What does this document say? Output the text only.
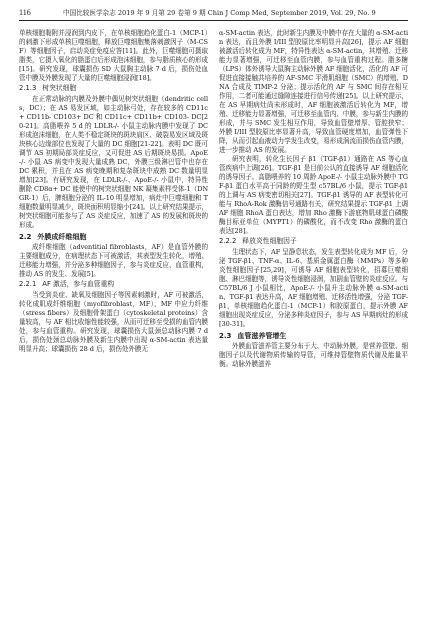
116	中国比较医学杂志 2019 年 9 月第 29 卷第 9 期 Chin J Comp Med, September 2019, Vol. 29, No. 9

单核细胞黏附并浸润到内皮下，在单核细胞趋化蛋白-1（MCP-1）的刺激下形成单核巨噬细胞，释放巨噬细胞集落刺激因子（M-CSF）等细胞因子，启动炎症免疫应答[11]。此外，巨噬细胞可摄取脂类，它摄入氧化的脂蛋白后形成泡沫细胞，参与脂质核心的形成[15]。研究发现，球囊损伤 SD 大鼠胸主动脉 7 d 后，损伤处血管中膜及外膜发现了大量的巨噬细胞浸润[18]。

2.1.3 树突状细胞

在正常动脉的内膜及外膜中偶见树突状细胞（dendritic cells，DC）；在 AS 易发区域，如主动脉弓处，存在较多的 CD11c+ CD11b- CD103+ DC 和 CD11c+ CD11b+ CD103- DC[20-21]。高脂喂养 5 d 的 LDLR-/- 小鼠主动脉内膜中发现了 DC 形成泡沫细胞，在人类不稳定斑块的斑块肩区、破裂易发区域及斑块核心边缘部位也发现了大量的 DC 细胞[21-22]。表明 DC 既可调节 AS 初期局部炎症反应，又可促进 AS 后期斑块易损。ApoE-/- 小鼠 AS 病变中发现大量成熟 DC，外膜三级淋巴管中也存在 DC 累积，并且在 AS 病变晚期和复杂斑块中成熟 DC 数量明显增加[23]。有研究发现，在 LDLR-/-、ApoE-/- 小鼠中，特异性删除 CD8α+ DC 能使中的树突状细胞 NK 凝集素样受体-1（DNGR-1）后，脾细胞分泌的 IL-10 明显增加，病灶中巨噬细胞和 T 细胞数量明显减少，斑块面积明显缩小[24]。以上研究结果提示，树突状细胞可能参与了 AS 炎症反应，加速了 AS 的发展和斑块的形成。

2.2 外膜成纤维细胞

成纤维细胞（adventitial fibroblasts，AF）是血管外膜的主要细胞成分，在病理状态下可被激活，其表型发生转化，增殖、迁移能力增强，并分泌多种细胞因子，参与炎症反应、血管重构，推动 AS 的发生、发展[5]。

2.2.1 AF 激活，参与血管重构

当受到炎症、缺氧及细胞因子等因素刺激时，AF 可被激活，转化成肌成纤维细胞（myofibroblast，MF），MF 中应力纤维（stress fibers）及细胞骨架蛋白（cytoskeletal proteins）含量较高，与 AF 相比收缩性能较强，从而可迁移至受损的血管内膜处，参与血管重构。研究发现，球囊损伤大鼠颈总动脉内膜 7 d 后，损伤处颈总动脉外膜及新生内膜中出现 α-SM-actin 表达量明显升高；球囊损伤 28 d 后，损伤处外膜无

α-SM-actin 表达，此时新生内膜及中膜中存在大量的 α-SM-actin 表达，而且外膜 I/III 型胶原比率明显升高[26]，提示 AF 细胞被激活后转化成为 MF，特异性表达 α-SM-actin，其增殖、迁移能力显著增强，可迁移至血管内膜，参与血管重构过程。脂多糖（LPS）体外诱导大鼠胸主动脉外膜 AF 细胞活化，活化的 AF 可促进直接接触共培养的 AF-SMC 平滑肌细胞（SMC）的增殖、DNA 合成及 TIMP-2 分泌；提示活化的 AF 与 SMC 间存在相互作用，二者可能通过缝隙连接进行信号传递[25]。以上研究提示，在 AS 早期病灶尚未形成时，AF 细胞被激活后转化为 MF，增殖、迁移能力显著增强，可迁移至血管内、中膜，参与新生内膜的形成，并与 SMC 发生相互作用，导致血管壁增厚、管腔狭窄；外膜 I/III 型胶原比率显著升高，导致血管硬度增加，血管弹性下降，从而引起血液动力学发生改变，易形成涡流而损伤血管内膜，进一步推动 AS 的发展。

研究表明，转化生长因子 β1（TGF-β1）通路在 AS 等心血管疾病中上调[26]。TGF-β1 是目前公认的直接诱导 AF 细胞活化的诱导因子。高脂喂养的 10 周龄 ApoE-/- 小鼠主动脉外膜中 TGF-β1 蛋白水平高于同龄的野生型 c57BL/6 小鼠，提示 TGF-β1 的上调与 AS 病变密切相关[27]。TGF-β1 诱导的 AF 表型转化可能与 RhoA-Rok 激酶信号通路有关，研究结果提示 TGF-β1 上调 AF 细胞 RhoA 蛋白表达，增加 Rho 激酶下游底物肌球蛋白磷酸酶目标亚单位（MYPT1）的磷酸化，而不改变 Rho 激酶的蛋白表达[28]。

2.2.2 释放炎性细胞因子

生理状态下，AF 呈静息状态，发生表型转化成为 MF 后，分泌 TGF-β1、TNF-α、IL-6、基质金属蛋白酶（MMPs）等多种炎性细胞因子[25,29]，可诱导 AF 细胞表型转化，招募巨噬细胞、淋巴细胞等，诱导炎性细胞浸润，加剧血管壁的炎症反应。与 C57BL/6 J 小鼠相比，ApoE-/- 小鼠升主动脉外膜 α-SM-actin、TGF-β1 表达升高，AF 细胞增殖、迁移活性增强，分泌 TGF-β1，单核细胞趋化蛋白-1（MCP-1）和胶原蛋白，提示外膜 AF 细胞出现炎症反应，分泌多种炎症因子，参与 AS 早期病灶的形成[30-31]。

2.3 血管滋养管增生

外膜血管滋养管主要分布于大、中动脉外膜，是营养管壁、细胞因子以及代谢物质传输的导管，可维持管壁物质代谢及能量平衡。动脉外膜滋养
